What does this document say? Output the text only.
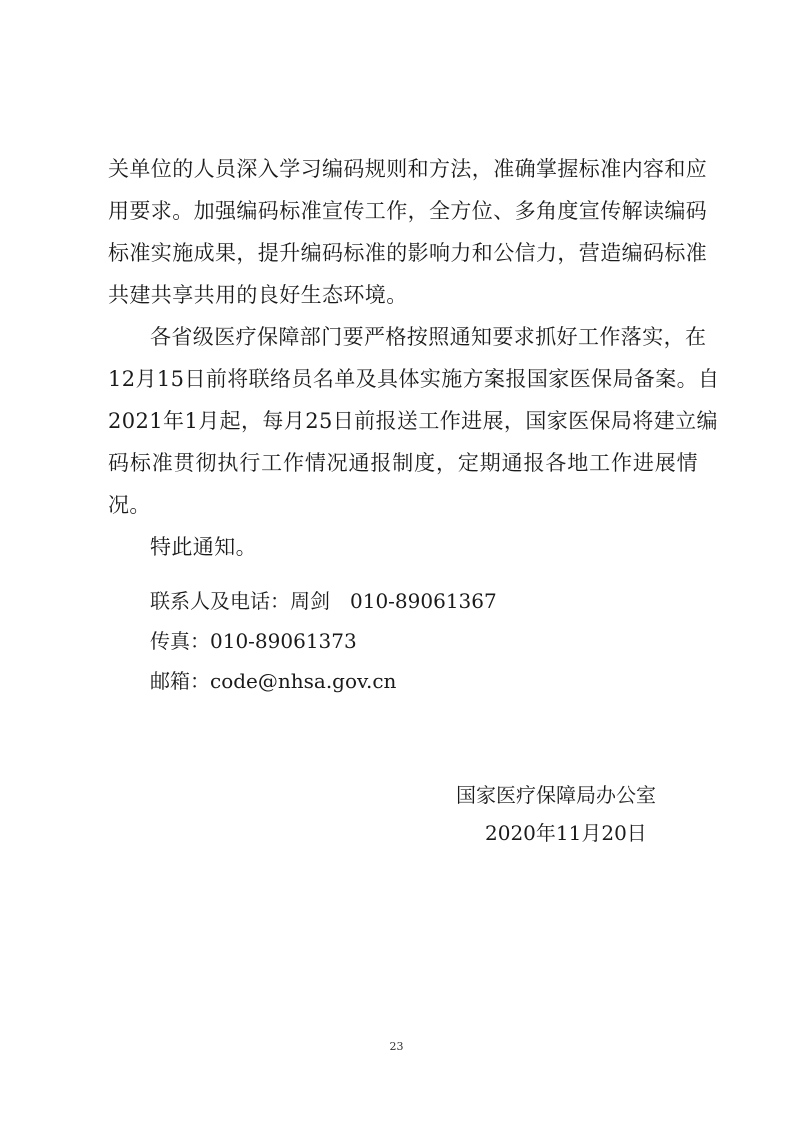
关单位的人员深入学习编码规则和方法，准确掌握标准内容和应
用要求。加强编码标准宣传工作，全方位、多角度宣传解读编码
标准实施成果，提升编码标准的影响力和公信力，营造编码标准
共建共享共用的良好生态环境。
各省级医疗保障部门要严格按照通知要求抓好工作落实，在
12月15日前将联络员名单及具体实施方案报国家医保局备案。自
2021年1月起，每月25日前报送工作进展，国家医保局将建立编
码标准贯彻执行工作情况通报制度，定期通报各地工作进展情
况。
特此通知。
联系人及电话：周剑　010-89061367
传真：010-89061373
邮箱：code@nhsa.gov.cn
国家医疗保障局办公室
2020年11月20日
23
